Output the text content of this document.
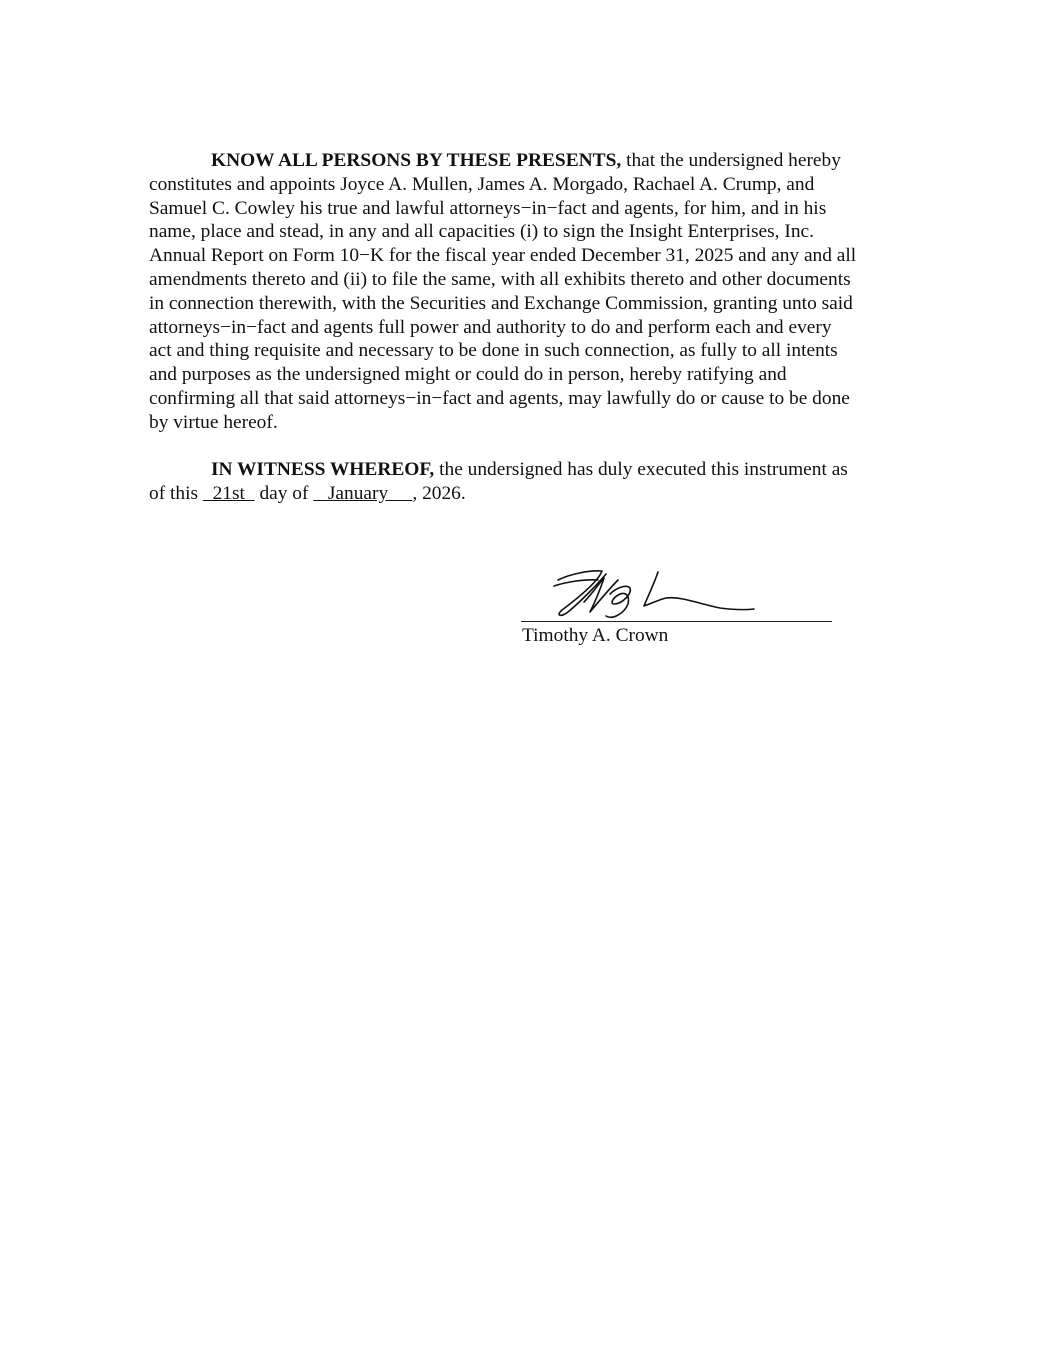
KNOW ALL PERSONS BY THESE PRESENTS, that the undersigned hereby
constitutes and appoints Joyce A. Mullen, James A. Morgado, Rachael A. Crump, and
Samuel C. Cowley his true and lawful attorneys−in−fact and agents, for him, and in his
name, place and stead, in any and all capacities (i) to sign the Insight Enterprises, Inc.
Annual Report on Form 10−K for the fiscal year ended December 31, 2025 and any and all
amendments thereto and (ii) to file the same, with all exhibits thereto and other documents
in connection therewith, with the Securities and Exchange Commission, granting unto said
attorneys−in−fact and agents full power and authority to do and perform each and every
act and thing requisite and necessary to be done in such connection, as fully to all intents
and purposes as the undersigned might or could do in person, hereby ratifying and
confirming all that said attorneys−in−fact and agents, may lawfully do or cause to be done
by virtue hereof.

IN WITNESS WHEREOF, the undersigned has duly executed this instrument as
of this   21st   day of    January     , 2026.

Timothy A. Crown
